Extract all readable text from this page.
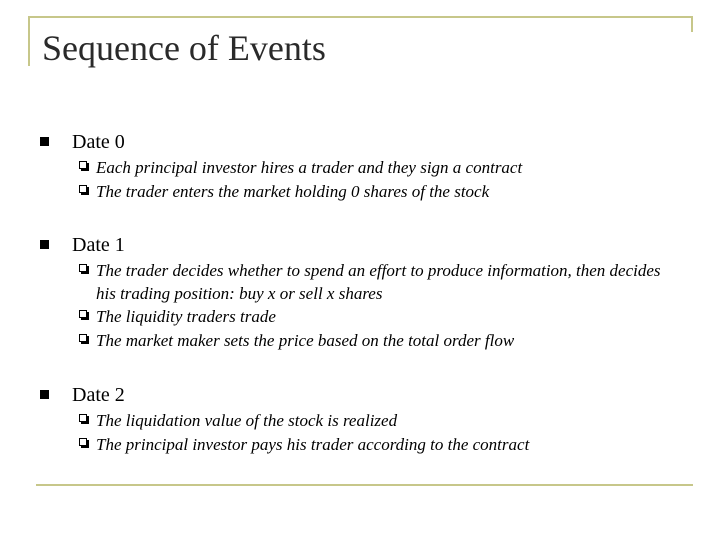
Sequence of Events
Date 0
Each principal investor hires a trader and they sign a contract
The trader enters the market holding 0 shares of the stock
Date 1
The trader decides whether to spend an effort to produce information, then decides his trading position: buy x or sell x shares
The liquidity traders trade
The market maker sets the price based on the total order flow
Date 2
The liquidation value of the stock is realized
The principal investor pays his trader according to the contract
